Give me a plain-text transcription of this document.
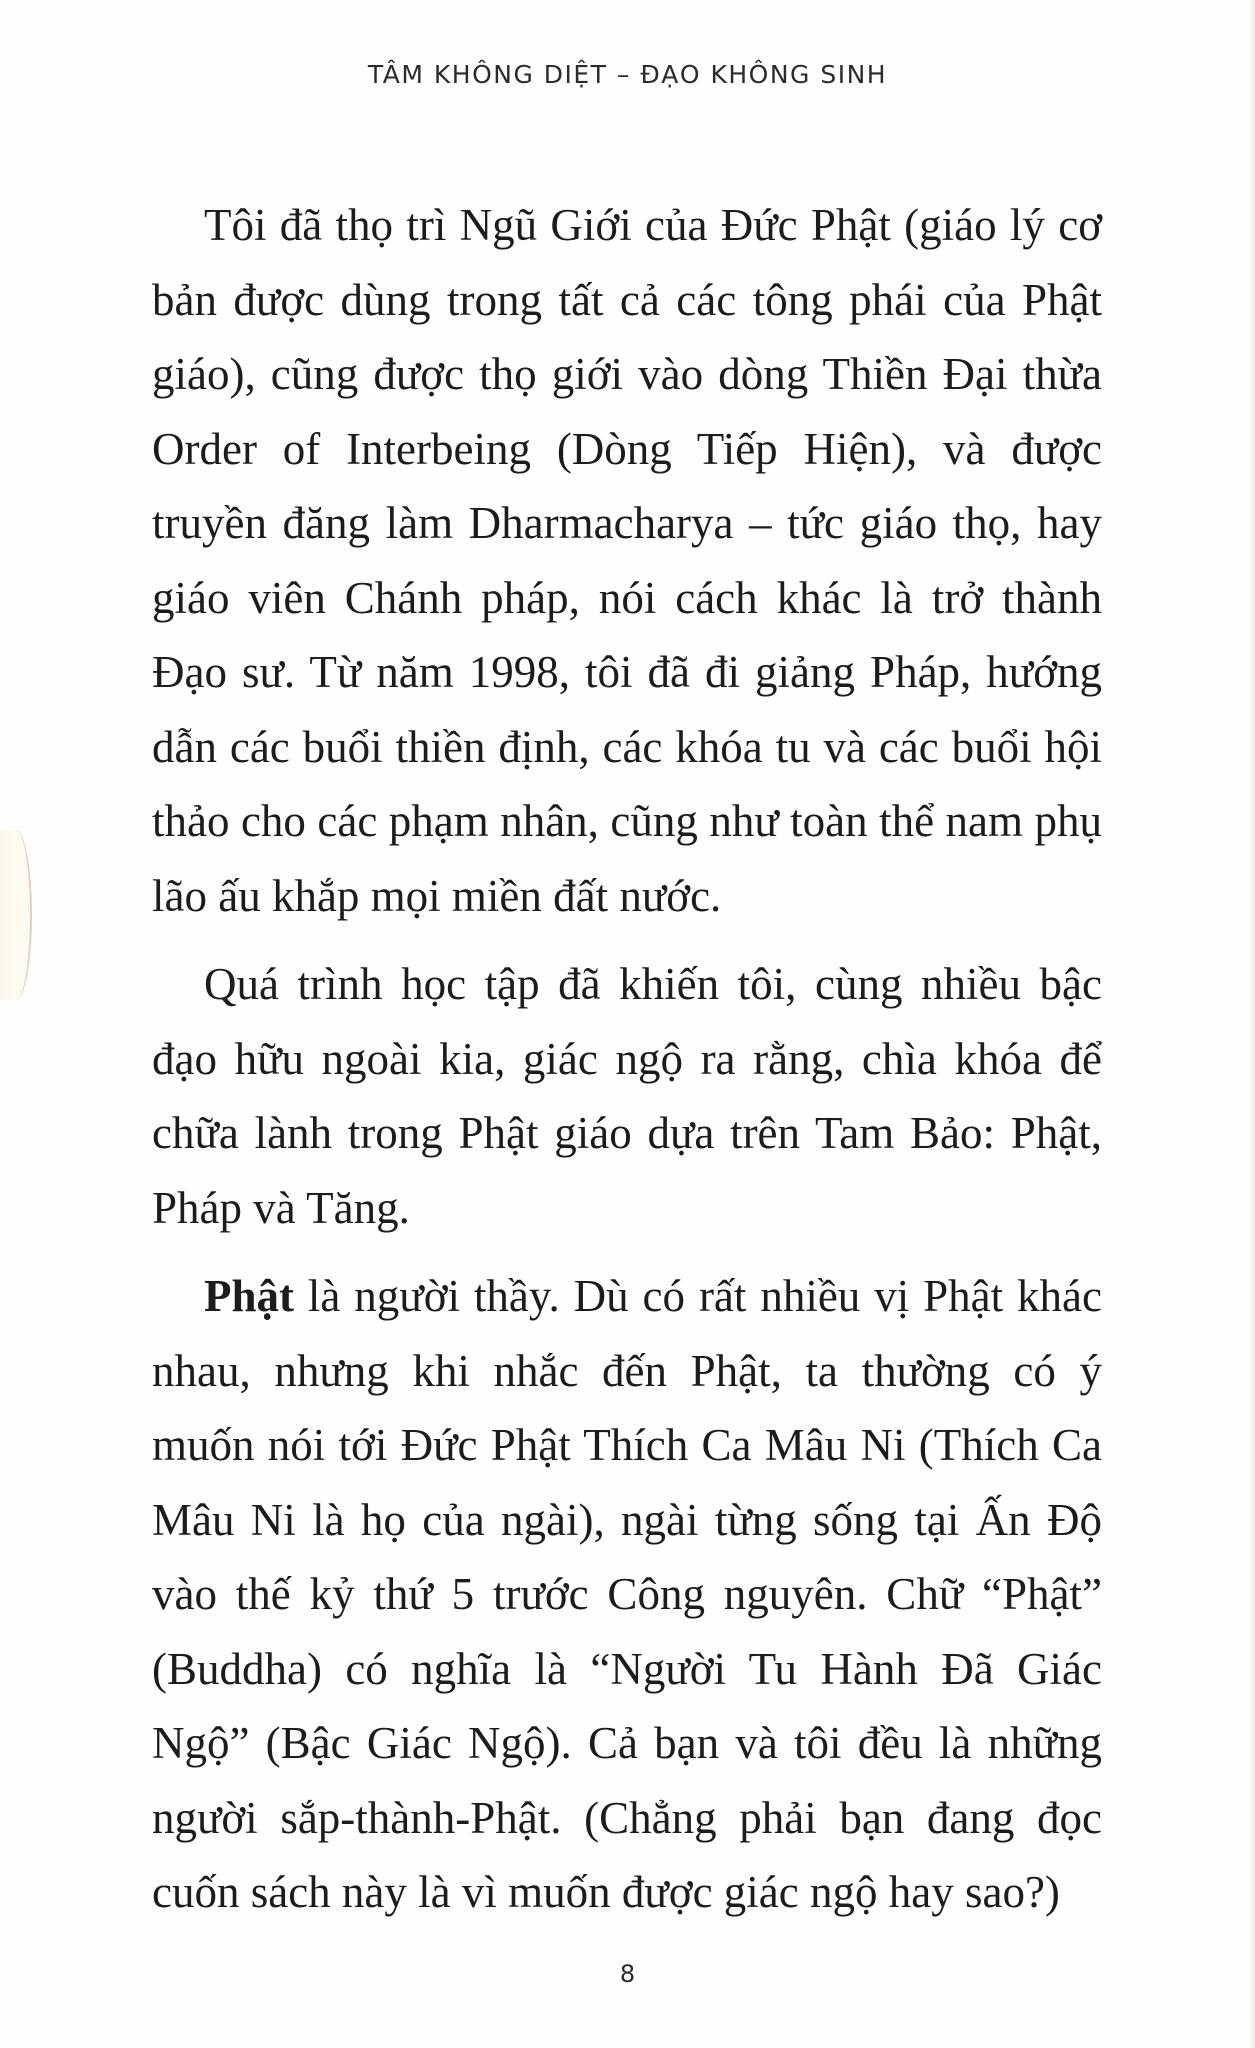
TÂM KHÔNG DIỆT – ĐẠO KHÔNG SINH

Tôi đã thọ trì Ngũ Giới của Đức Phật (giáo lý cơ bản được dùng trong tất cả các tông phái của Phật giáo), cũng được thọ giới vào dòng Thiền Đại thừa Order of Interbeing (Dòng Tiếp Hiện), và được truyền đăng làm Dharmacharya – tức giáo thọ, hay giáo viên Chánh pháp, nói cách khác là trở thành Đạo sư. Từ năm 1998, tôi đã đi giảng Pháp, hướng dẫn các buổi thiền định, các khóa tu và các buổi hội thảo cho các phạm nhân, cũng như toàn thể nam phụ lão ấu khắp mọi miền đất nước.

Quá trình học tập đã khiến tôi, cùng nhiều bậc đạo hữu ngoài kia, giác ngộ ra rằng, chìa khóa để chữa lành trong Phật giáo dựa trên Tam Bảo: Phật, Pháp và Tăng.

Phật là người thầy. Dù có rất nhiều vị Phật khác nhau, nhưng khi nhắc đến Phật, ta thường có ý muốn nói tới Đức Phật Thích Ca Mâu Ni (Thích Ca Mâu Ni là họ của ngài), ngài từng sống tại Ấn Độ vào thế kỷ thứ 5 trước Công nguyên. Chữ “Phật” (Buddha) có nghĩa là “Người Tu Hành Đã Giác Ngộ” (Bậc Giác Ngộ). Cả bạn và tôi đều là những người sắp-thành-Phật. (Chẳng phải bạn đang đọc cuốn sách này là vì muốn được giác ngộ hay sao?)

8
